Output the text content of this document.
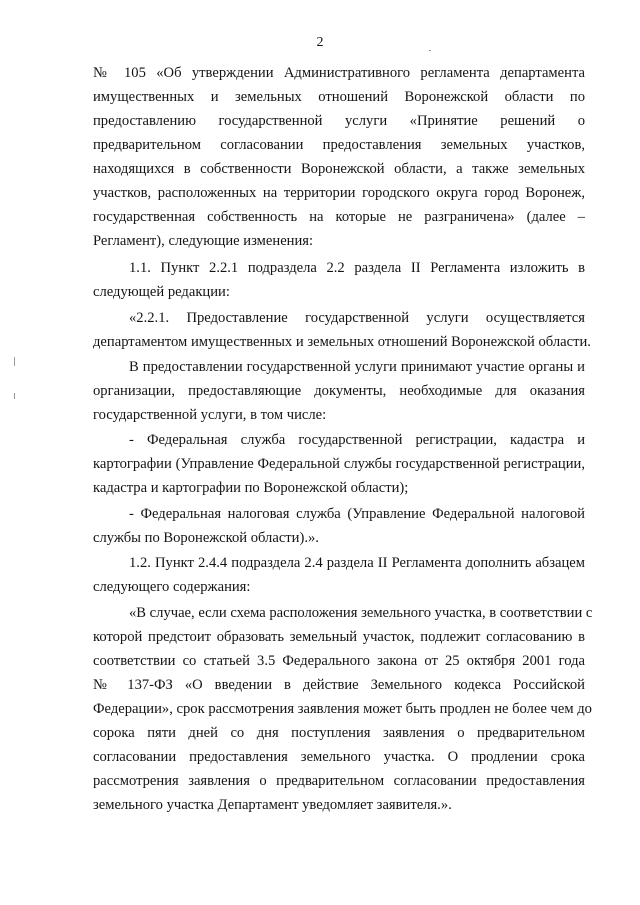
2
№ 105 «Об утверждении Административного регламента департамента
имущественных и земельных отношений Воронежской области по
предоставлению государственной услуги «Принятие решений о
предварительном согласовании предоставления земельных участков,
находящихся в собственности Воронежской области, а также земельных
участков, расположенных на территории городского округа город Воронеж,
государственная собственность на которые не разграничена» (далее –
Регламент), следующие изменения:
1.1. Пункт 2.2.1 подраздела 2.2 раздела II Регламента изложить в
следующей редакции:
«2.2.1. Предоставление государственной услуги осуществляется
департаментом имущественных и земельных отношений Воронежской области.
В предоставлении государственной услуги принимают участие органы и
организации, предоставляющие документы, необходимые для оказания
государственной услуги, в том числе:
- Федеральная служба государственной регистрации, кадастра и
картографии (Управление Федеральной службы государственной регистрации,
кадастра и картографии по Воронежской области);
- Федеральная налоговая служба (Управление Федеральной налоговой
службы по Воронежской области).».
1.2. Пункт 2.4.4 подраздела 2.4 раздела II Регламента дополнить абзацем
следующего содержания:
«В случае, если схема расположения земельного участка, в соответствии с
которой предстоит образовать земельный участок, подлежит согласованию в
соответствии со статьей 3.5 Федерального закона от 25 октября 2001 года
№ 137-ФЗ «О введении в действие Земельного кодекса Российской
Федерации», срок рассмотрения заявления может быть продлен не более чем до
сорока пяти дней со дня поступления заявления о предварительном
согласовании предоставления земельного участка. О продлении срока
рассмотрения заявления о предварительном согласовании предоставления
земельного участка Департамент уведомляет заявителя.».
